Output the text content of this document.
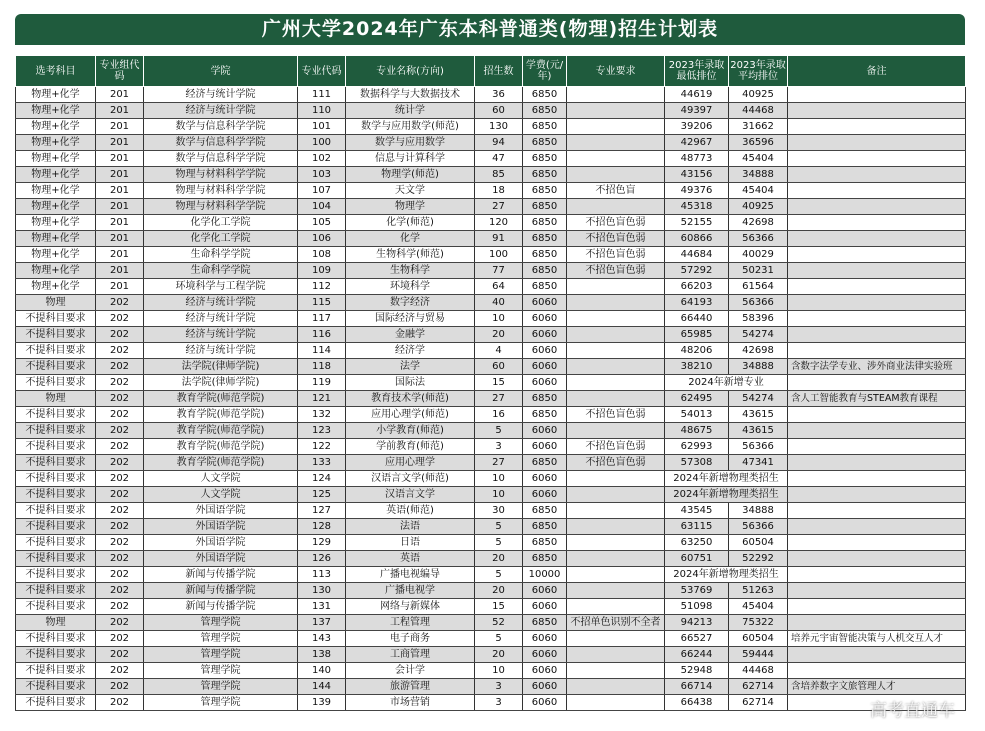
广州大学2024年广东本科普通类(物理)招生计划表
选考科目	专业组代码	学院	专业代码	专业名称(方向)	招生数	学费(元/年)	专业要求	2023年录取最低排位	2023年录取平均排位	备注
物理+化学	201	经济与统计学院	111	数据科学与大数据技术	36	6850		44619	40925	
物理+化学	201	经济与统计学院	110	统计学	60	6850		49397	44468	
物理+化学	201	数学与信息科学学院	101	数学与应用数学(师范)	130	6850		39206	31662	
物理+化学	201	数学与信息科学学院	100	数学与应用数学	94	6850		42967	36596	
物理+化学	201	数学与信息科学学院	102	信息与计算科学	47	6850		48773	45404	
物理+化学	201	物理与材料科学学院	103	物理学(师范)	85	6850		43156	34888	
物理+化学	201	物理与材料科学学院	107	天文学	18	6850	不招色盲	49376	45404	
物理+化学	201	物理与材料科学学院	104	物理学	27	6850		45318	40925	
物理+化学	201	化学化工学院	105	化学(师范)	120	6850	不招色盲色弱	52155	42698	
物理+化学	201	化学化工学院	106	化学	91	6850	不招色盲色弱	60866	56366	
物理+化学	201	生命科学学院	108	生物科学(师范)	100	6850	不招色盲色弱	44684	40029	
物理+化学	201	生命科学学院	109	生物科学	77	6850	不招色盲色弱	57292	50231	
物理+化学	201	环境科学与工程学院	112	环境科学	64	6850		66203	61564	
物理	202	经济与统计学院	115	数字经济	40	6060		64193	56366	
不提科目要求	202	经济与统计学院	117	国际经济与贸易	10	6060		66440	58396	
不提科目要求	202	经济与统计学院	116	金融学	20	6060		65985	54274	
不提科目要求	202	经济与统计学院	114	经济学	4	6060		48206	42698	
不提科目要求	202	法学院(律师学院)	118	法学	60	6060		38210	34888	含数字法学专业、涉外商业法律实验班
不提科目要求	202	法学院(律师学院)	119	国际法	15	6060		2024年新增专业		
物理	202	教育学院(师范学院)	121	教育技术学(师范)	27	6850		62495	54274	含人工智能教育与STEAM教育课程
不提科目要求	202	教育学院(师范学院)	132	应用心理学(师范)	16	6850	不招色盲色弱	54013	43615	
不提科目要求	202	教育学院(师范学院)	123	小学教育(师范)	5	6060		48675	43615	
不提科目要求	202	教育学院(师范学院)	122	学前教育(师范)	3	6060	不招色盲色弱	62993	56366	
不提科目要求	202	教育学院(师范学院)	133	应用心理学	27	6850	不招色盲色弱	57308	47341	
不提科目要求	202	人文学院	124	汉语言文学(师范)	10	6060		2024年新增物理类招生		
不提科目要求	202	人文学院	125	汉语言文学	10	6060		2024年新增物理类招生		
不提科目要求	202	外国语学院	127	英语(师范)	30	6850		43545	34888	
不提科目要求	202	外国语学院	128	法语	5	6850		63115	56366	
不提科目要求	202	外国语学院	129	日语	5	6850		63250	60504	
不提科目要求	202	外国语学院	126	英语	20	6850		60751	52292	
不提科目要求	202	新闻与传播学院	113	广播电视编导	5	10000		2024年新增物理类招生		
不提科目要求	202	新闻与传播学院	130	广播电视学	20	6060		53769	51263	
不提科目要求	202	新闻与传播学院	131	网络与新媒体	15	6060		51098	45404	
物理	202	管理学院	137	工程管理	52	6850	不招单色识别不全者	94213	75322	
不提科目要求	202	管理学院	143	电子商务	5	6060		66527	60504	培养元宇宙智能决策与人机交互人才
不提科目要求	202	管理学院	138	工商管理	20	6060		66244	59444	
不提科目要求	202	管理学院	140	会计学	10	6060		52948	44468	
不提科目要求	202	管理学院	144	旅游管理	3	6060		66714	62714	含培养数字文旅管理人才
不提科目要求	202	管理学院	139	市场营销	3	6060		66438	62714		高考直通车
